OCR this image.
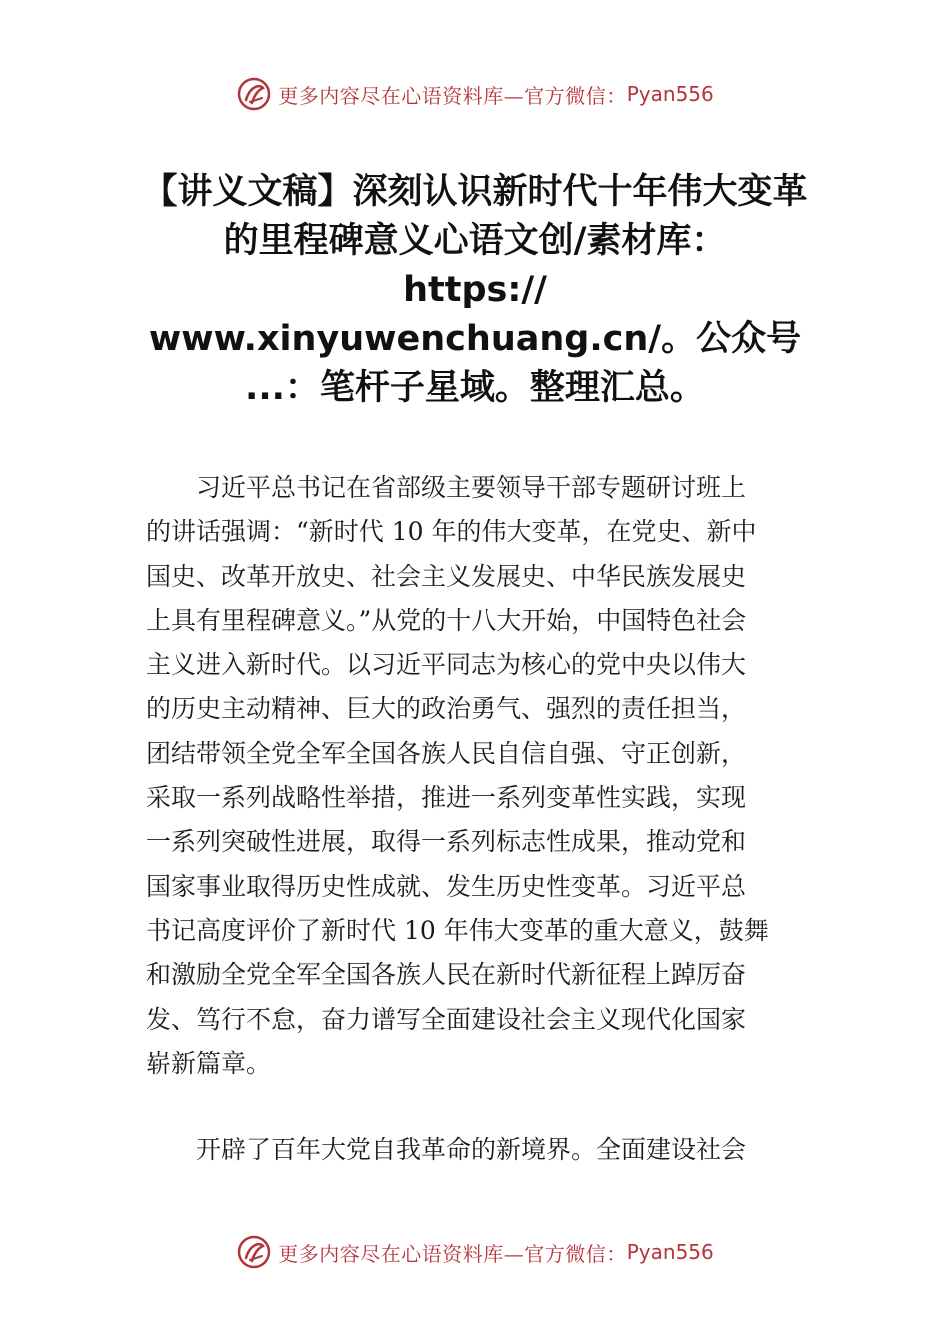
更多内容尽在心语资料库—官方微信： Pyan556
【讲义文稿】深刻认识新时代十年伟大变革
的里程碑意义心语文创/素材库：
https://
www.xinyuwenchuang.cn/。公众号
...：笔杆子星域。整理汇总。
　　习近平总书记在省部级主要领导干部专题研讨班上
的讲话强调：“新时代 10 年的伟大变革，在党史、新中
国史、改革开放史、社会主义发展史、中华民族发展史
上具有里程碑意义。”从党的十八大开始，中国特色社会
主义进入新时代。以习近平同志为核心的党中央以伟大
的历史主动精神、巨大的政治勇气、强烈的责任担当，
团结带领全党全军全国各族人民自信自强、守正创新，
采取一系列战略性举措，推进一系列变革性实践，实现
一系列突破性进展，取得一系列标志性成果，推动党和
国家事业取得历史性成就、发生历史性变革。习近平总
书记高度评价了新时代 10 年伟大变革的重大意义，鼓舞
和激励全党全军全国各族人民在新时代新征程上踔厉奋
发、笃行不怠，奋力谱写全面建设社会主义现代化国家
崭新篇章。
　　开辟了百年大党自我革命的新境界。全面建设社会
更多内容尽在心语资料库—官方微信： Pyan556
